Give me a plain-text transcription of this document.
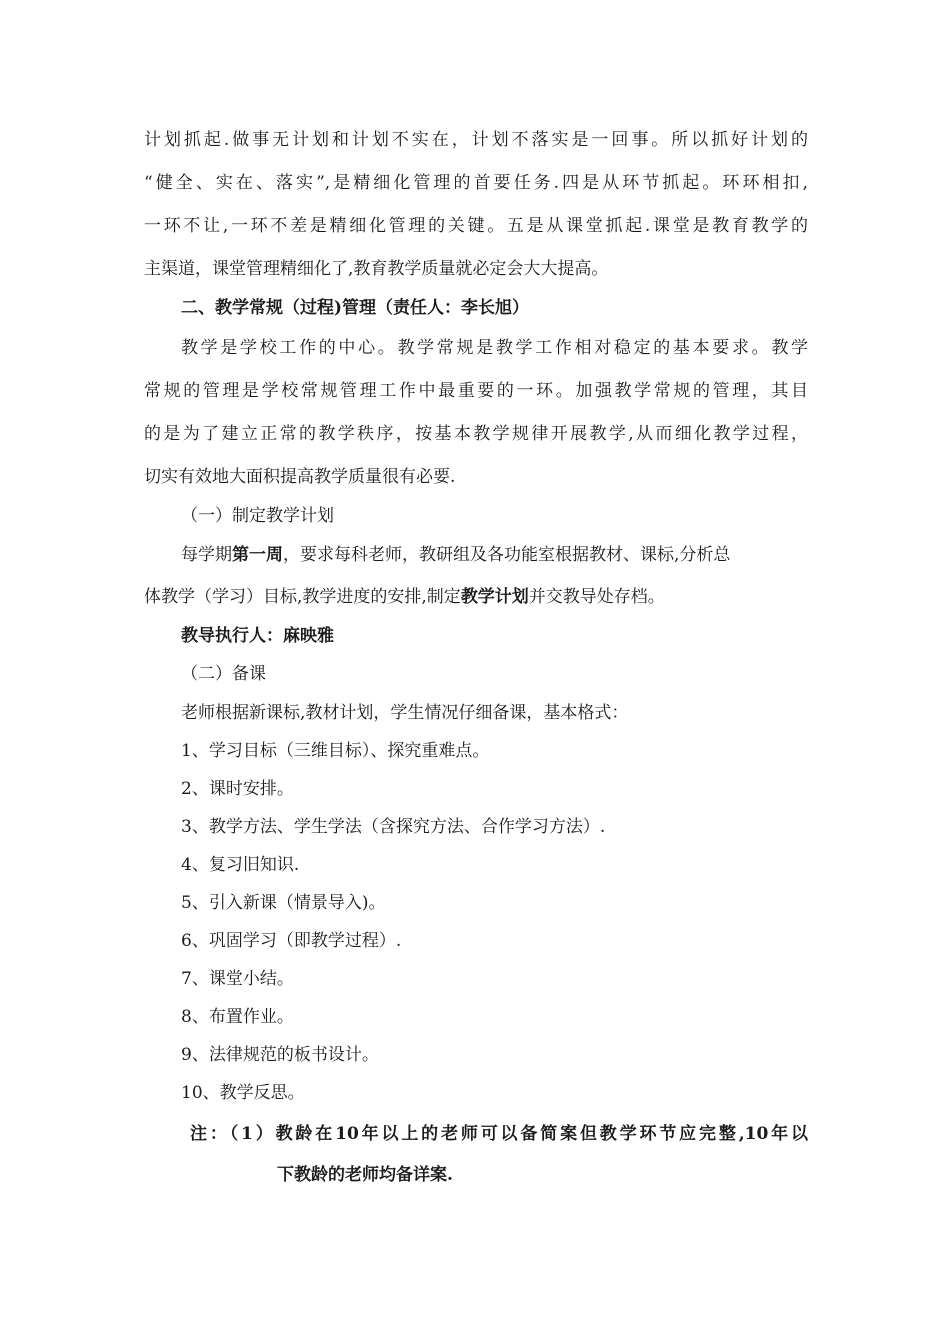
计划抓起.做事无计划和计划不实在，计划不落实是一回事。所以抓好计划的
“健全、实在、落实”,是精细化管理的首要任务.四是从环节抓起。环环相扣,
一环不让,一环不差是精细化管理的关键。五是从课堂抓起.课堂是教育教学的
主渠道，课堂管理精细化了,教育教学质量就必定会大大提高。
二、教学常规（过程)管理（责任人：李长旭）
教学是学校工作的中心。教学常规是教学工作相对稳定的基本要求。教学
常规的管理是学校常规管理工作中最重要的一环。加强教学常规的管理，其目
的是为了建立正常的教学秩序，按基本教学规律开展教学,从而细化教学过程，
切实有效地大面积提高教学质量很有必要.
（一）制定教学计划
每学期第一周，要求每科老师，教研组及各功能室根据教材、课标,分析总
体教学（学习）目标,教学进度的安排,制定教学计划并交教导处存档。
教导执行人：麻映雅
（二）备课
老师根据新课标,教材计划，学生情况仔细备课，基本格式：
1、学习目标（三维目标）、探究重难点。
2、课时安排。
3、教学方法、学生学法（含探究方法、合作学习方法）.
4、复习旧知识.
5、引入新课（情景导入)。
6、巩固学习（即教学过程）.
7、课堂小结。
8、布置作业。
9、法律规范的板书设计。
10、教学反思。
注：（1）教龄在10年以上的老师可以备简案但教学环节应完整,10年以
下教龄的老师均备详案.
